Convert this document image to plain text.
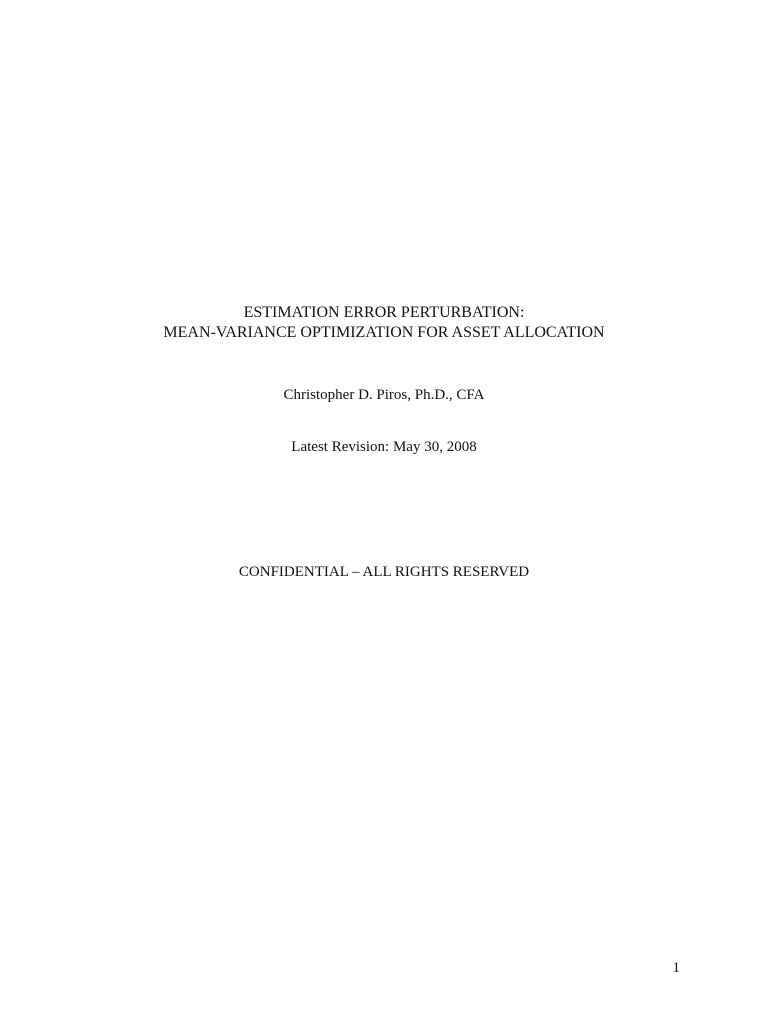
ESTIMATION ERROR PERTURBATION:
MEAN-VARIANCE OPTIMIZATION FOR ASSET ALLOCATION
Christopher D. Piros, Ph.D., CFA
Latest Revision: May 30, 2008
CONFIDENTIAL – ALL RIGHTS RESERVED
1
